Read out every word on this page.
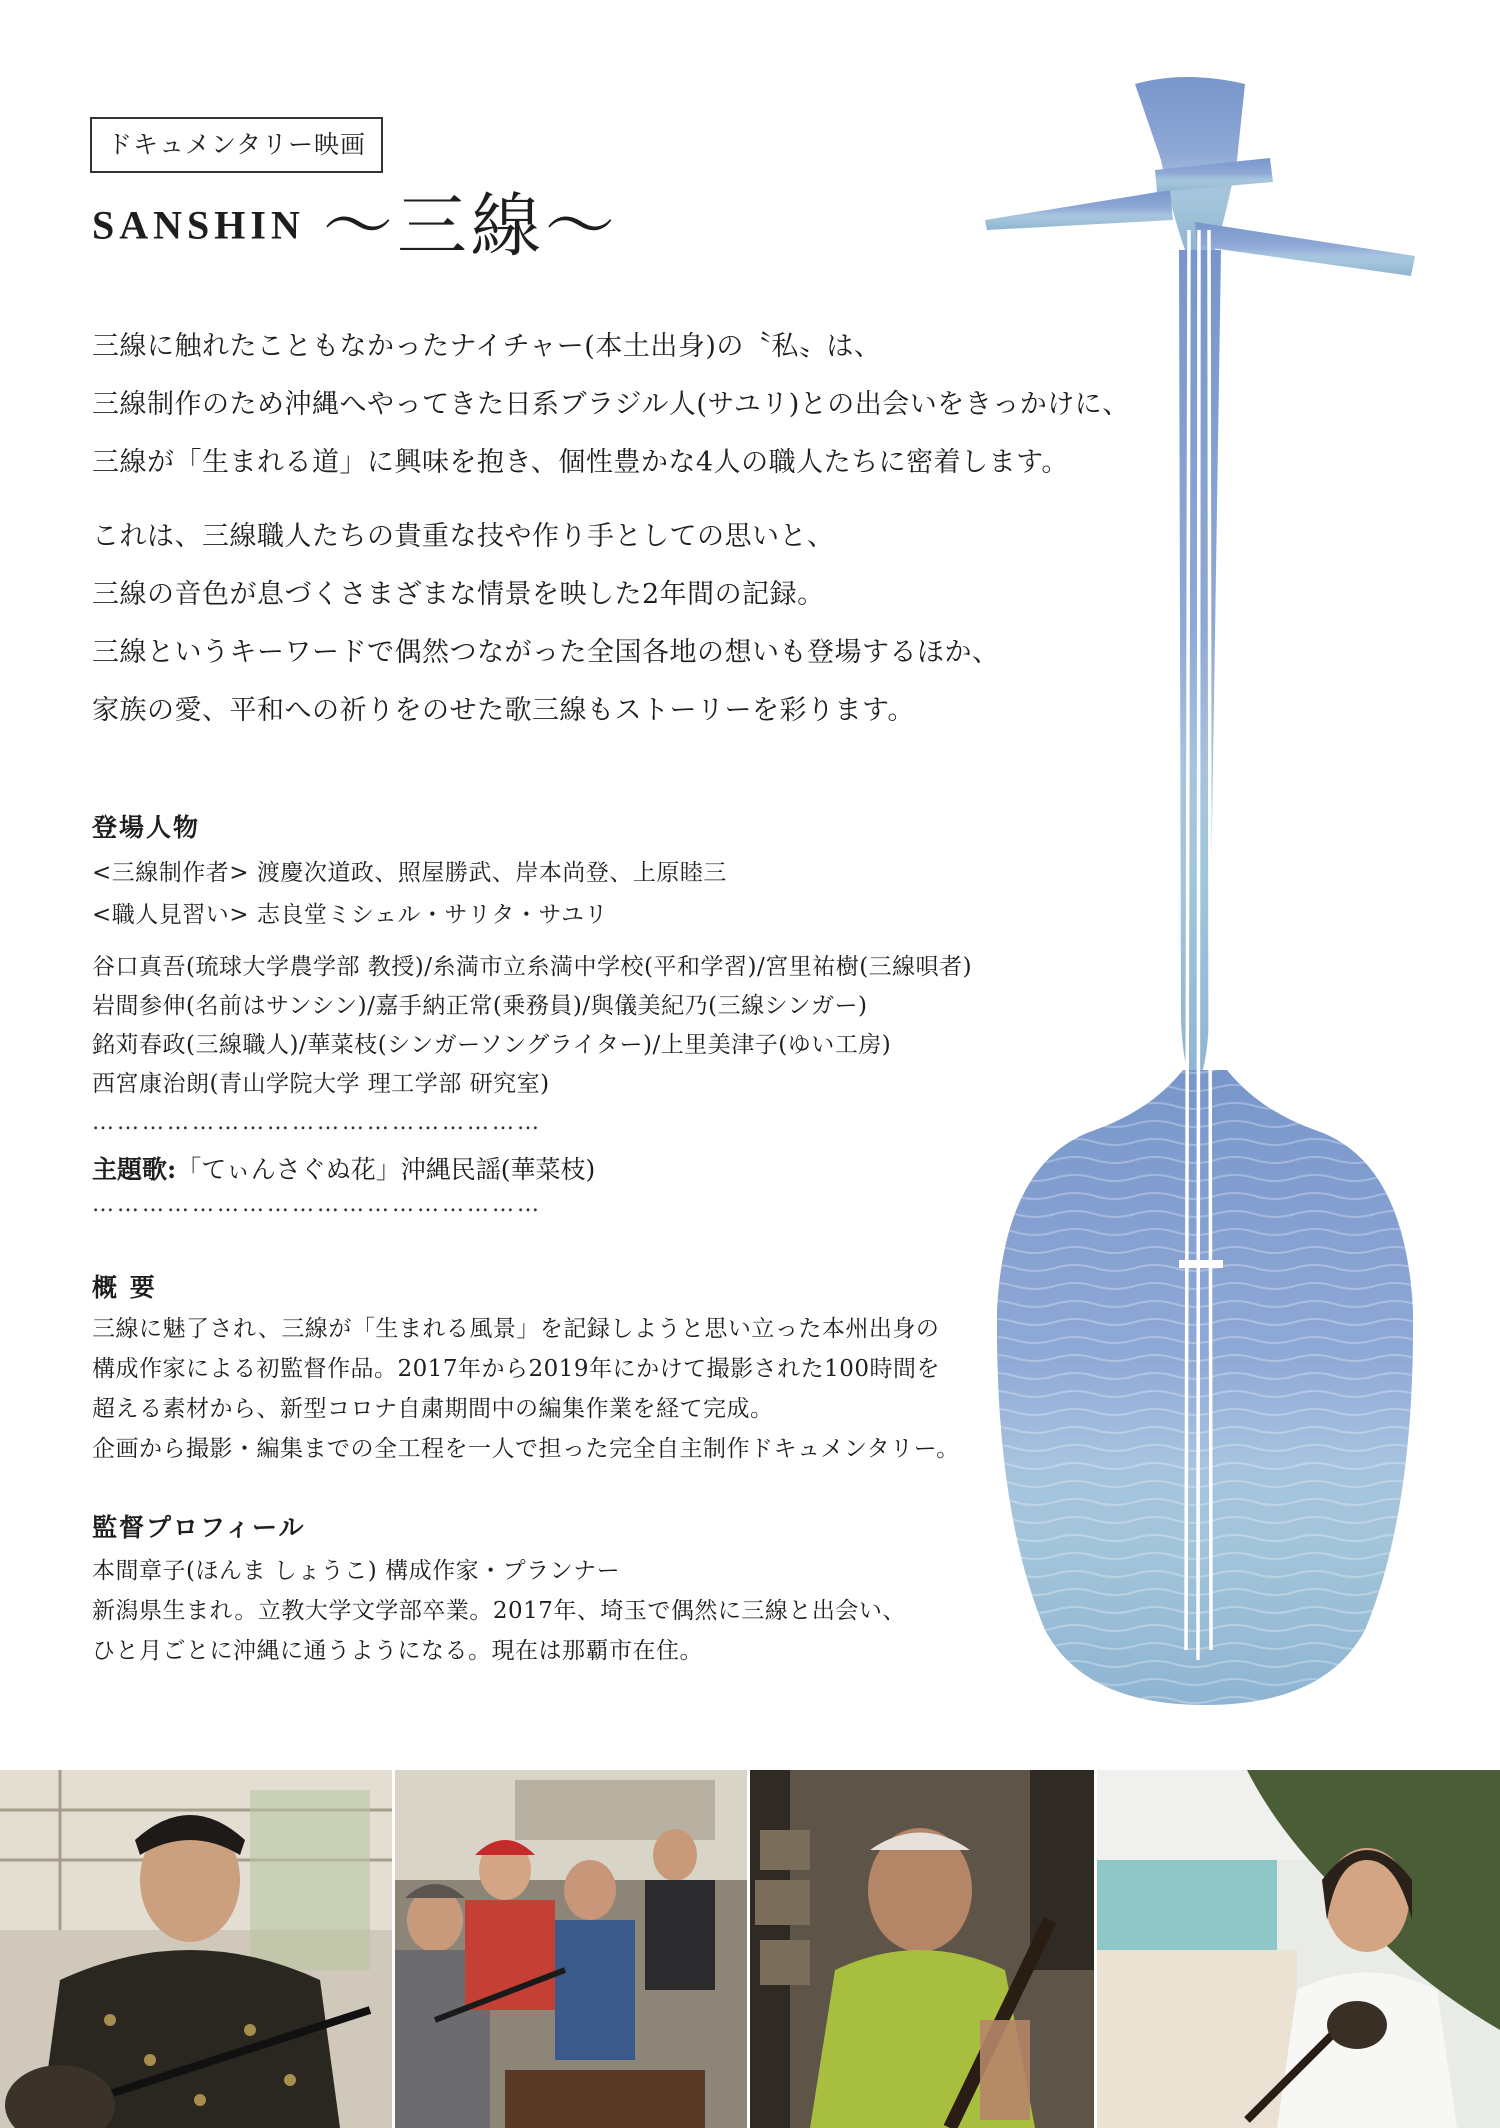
ドキュメンタリー映画
SANSHIN 〜三線〜

三線に触れたこともなかったナイチャー(本土出身)の〝私〟は、

三線制作のため沖縄へやってきた日系ブラジル人(サユリ)との出会いをきっかけに、

三線が「生まれる道」に興味を抱き、個性豊かな4人の職人たちに密着します。

これは、三線職人たちの貴重な技や作り手としての思いと、

三線の音色が息づくさまざまな情景を映した2年間の記録。

三線というキーワードで偶然つながった全国各地の想いも登場するほか、

家族の愛、平和への祈りをのせた歌三線もストーリーを彩ります。

登場人物
<三線制作者> 渡慶次道政、照屋勝武、岸本尚登、上原睦三
<職人見習い> 志良堂ミシェル・サリタ・サユリ
谷口真吾(琉球大学農学部 教授)/糸満市立糸満中学校(平和学習)/宮里祐樹(三線唄者)
岩間参伸(名前はサンシン)/嘉手納正常(乗務員)/與儀美紀乃(三線シンガー)
銘苅春政(三線職人)/華菜枝(シンガーソングライター)/上里美津子(ゆい工房)
西宮康治朗(青山学院大学 理工学部 研究室)
………………………………………………
主題歌:「てぃんさぐぬ花」沖縄民謡(華菜枝)
………………………………………………
概 要
三線に魅了され、三線が「生まれる風景」を記録しようと思い立った本州出身の
構成作家による初監督作品。2017年から2019年にかけて撮影された100時間を
超える素材から、新型コロナ自粛期間中の編集作業を経て完成。
企画から撮影・編集までの全工程を一人で担った完全自主制作ドキュメンタリー。
監督プロフィール
本間章子(ほんま しょうこ) 構成作家・プランナー
新潟県生まれ。立教大学文学部卒業。2017年、埼玉で偶然に三線と出会い、
ひと月ごとに沖縄に通うようになる。現在は那覇市在住。
